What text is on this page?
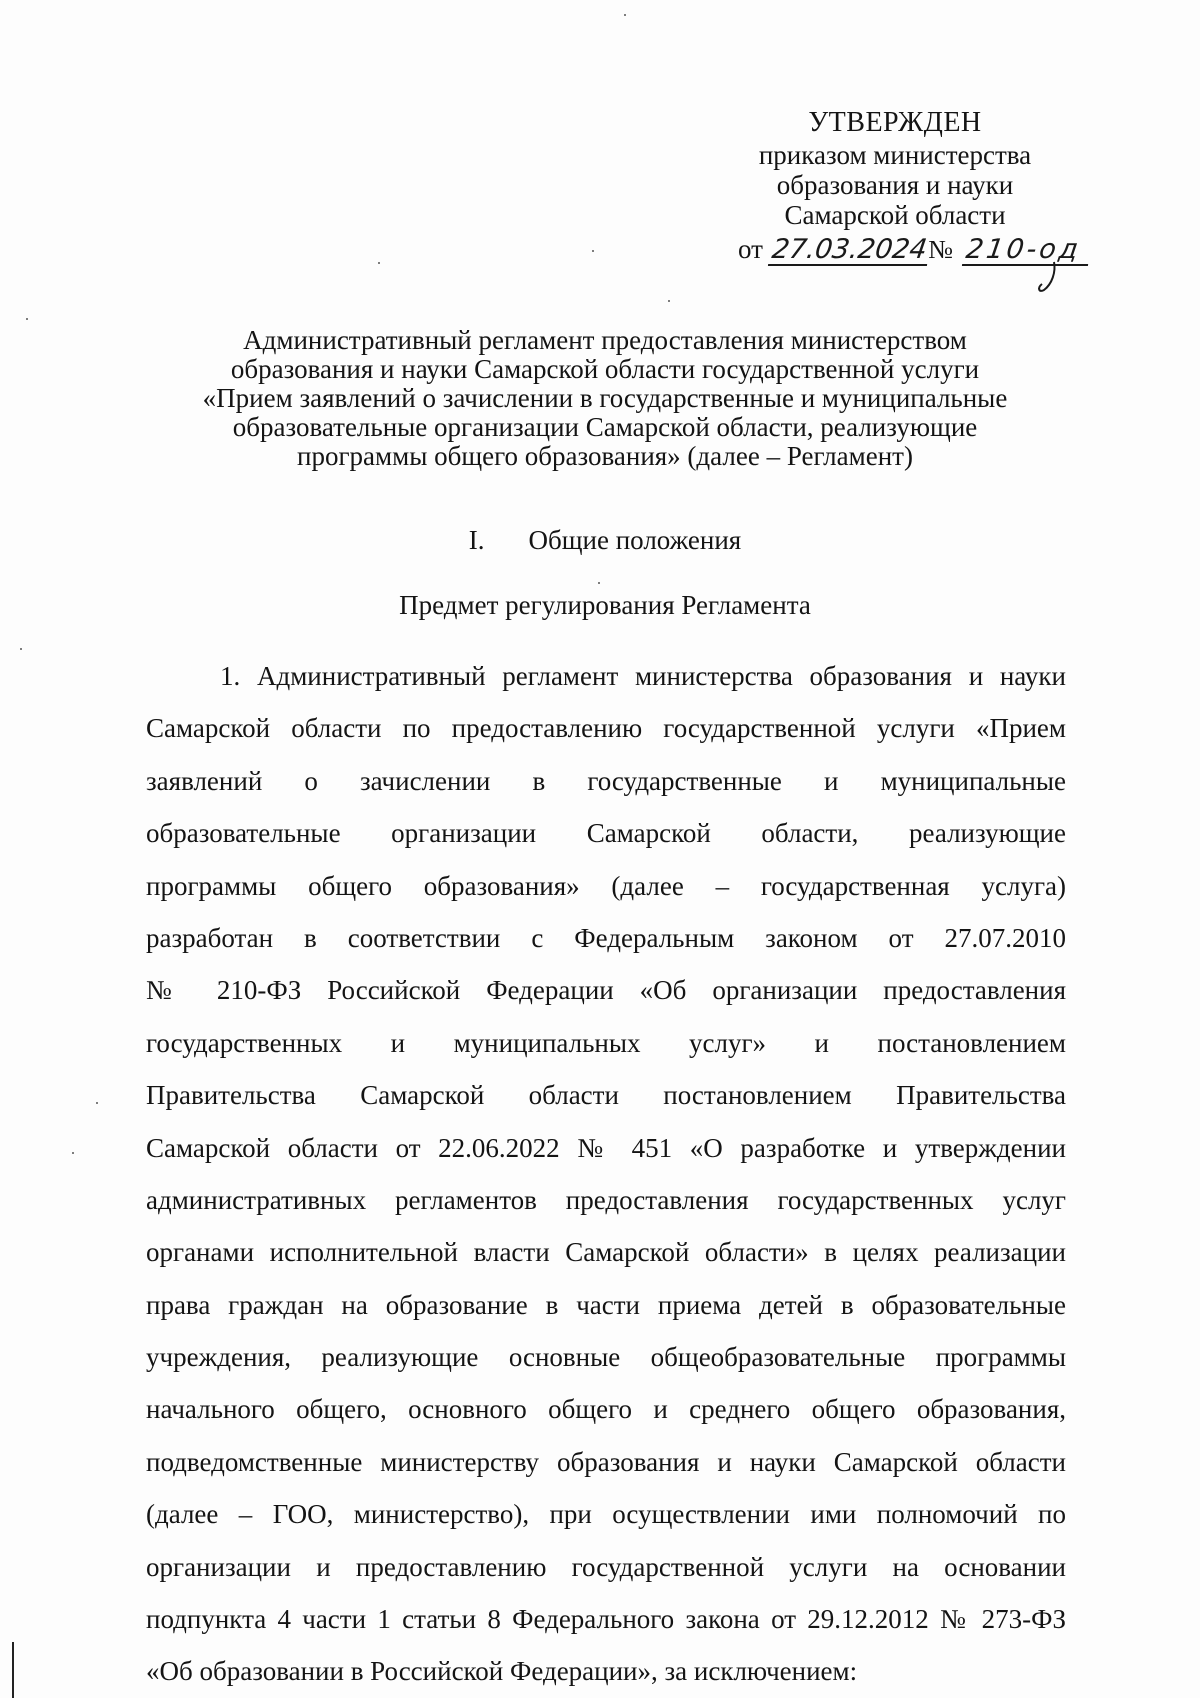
УТВЕРЖДЕН
приказом министерства
образования и науки
Самарской области
от 27.03.2024№ 210-од
Административный регламент предоставления министерством
образования и науки Самарской области государственной услуги
«Прием заявлений о зачислении в государственные и муниципальные
образовательные организации Самарской области, реализующие
программы общего образования» (далее – Регламент)
I. Общие положения
Предмет регулирования Регламента
1. Административный регламент министерства образования и науки
Самарской области по предоставлению государственной услуги «Прием
заявлений о зачислении в государственные и муниципальные
образовательные организации Самарской области, реализующие
программы общего образования» (далее – государственная услуга)
разработан в соответствии с Федеральным законом от 27.07.2010
№ 210-ФЗ Российской Федерации «Об организации предоставления
государственных и муниципальных услуг» и постановлением
Правительства Самарской области постановлением Правительства
Самарской области от 22.06.2022 № 451 «О разработке и утверждении
административных регламентов предоставления государственных услуг
органами исполнительной власти Самарской области» в целях реализации
права граждан на образование в части приема детей в образовательные
учреждения, реализующие основные общеобразовательные программы
начального общего, основного общего и среднего общего образования,
подведомственные министерству образования и науки Самарской области
(далее – ГОО, министерство), при осуществлении ими полномочий по
организации и предоставлению государственной услуги на основании
подпункта 4 части 1 статьи 8 Федерального закона от 29.12.2012 № 273-ФЗ
«Об образовании в Российской Федерации», за исключением:
